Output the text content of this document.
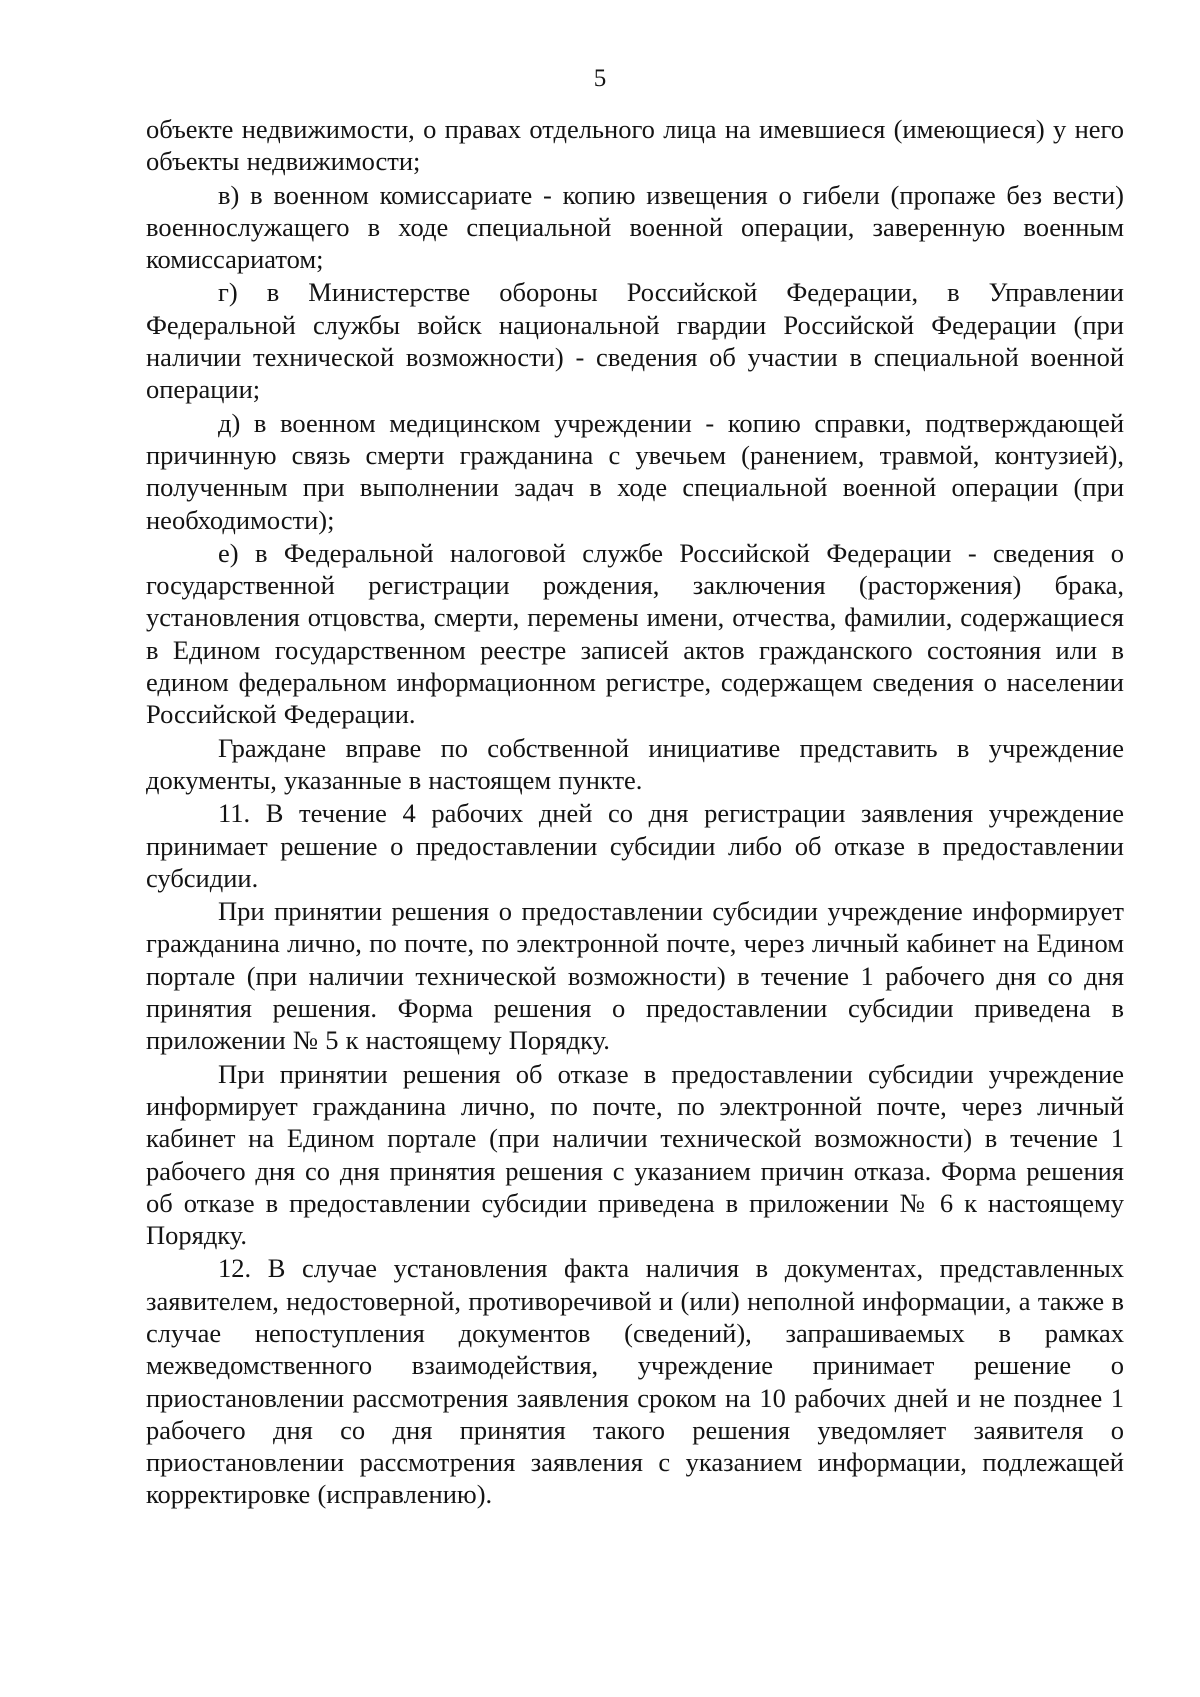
5

объекте недвижимости, о правах отдельного лица на имевшиеся (имеющиеся) у него объекты недвижимости;

в) в военном комиссариате - копию извещения о гибели (пропаже без вести) военнослужащего в ходе специальной военной операции, заверенную военным комиссариатом;

г) в Министерстве обороны Российской Федерации, в Управлении Федеральной службы войск национальной гвардии Российской Федерации (при наличии технической возможности) - сведения об участии в специальной военной операции;

д) в военном медицинском учреждении - копию справки, подтверждающей причинную связь смерти гражданина с увечьем (ранением, травмой, контузией), полученным при выполнении задач в ходе специальной военной операции (при необходимости);

е) в Федеральной налоговой службе Российской Федерации - сведения о государственной регистрации рождения, заключения (расторжения) брака, установления отцовства, смерти, перемены имени, отчества, фамилии, содержащиеся в Едином государственном реестре записей актов гражданского состояния или в едином федеральном информационном регистре, содержащем сведения о населении Российской Федерации.

Граждане вправе по собственной инициативе представить в учреждение документы, указанные в настоящем пункте.

11. В течение 4 рабочих дней со дня регистрации заявления учреждение принимает решение о предоставлении субсидии либо об отказе в предоставлении субсидии.

При принятии решения о предоставлении субсидии учреждение информирует гражданина лично, по почте, по электронной почте, через личный кабинет на Едином портале (при наличии технической возможности) в течение 1 рабочего дня со дня принятия решения. Форма решения о предоставлении субсидии приведена в приложении № 5 к настоящему Порядку.

При принятии решения об отказе в предоставлении субсидии учреждение информирует гражданина лично, по почте, по электронной почте, через личный кабинет на Едином портале (при наличии технической возможности) в течение 1 рабочего дня со дня принятия решения с указанием причин отказа. Форма решения об отказе в предоставлении субсидии приведена в приложении № 6 к настоящему Порядку.

12. В случае установления факта наличия в документах, представленных заявителем, недостоверной, противоречивой и (или) неполной информации, а также в случае непоступления документов (сведений), запрашиваемых в рамках межведомственного взаимодействия, учреждение принимает решение о приостановлении рассмотрения заявления сроком на 10 рабочих дней и не позднее 1 рабочего дня со дня принятия такого решения уведомляет заявителя о приостановлении рассмотрения заявления с указанием информации, подлежащей корректировке (исправлению).
